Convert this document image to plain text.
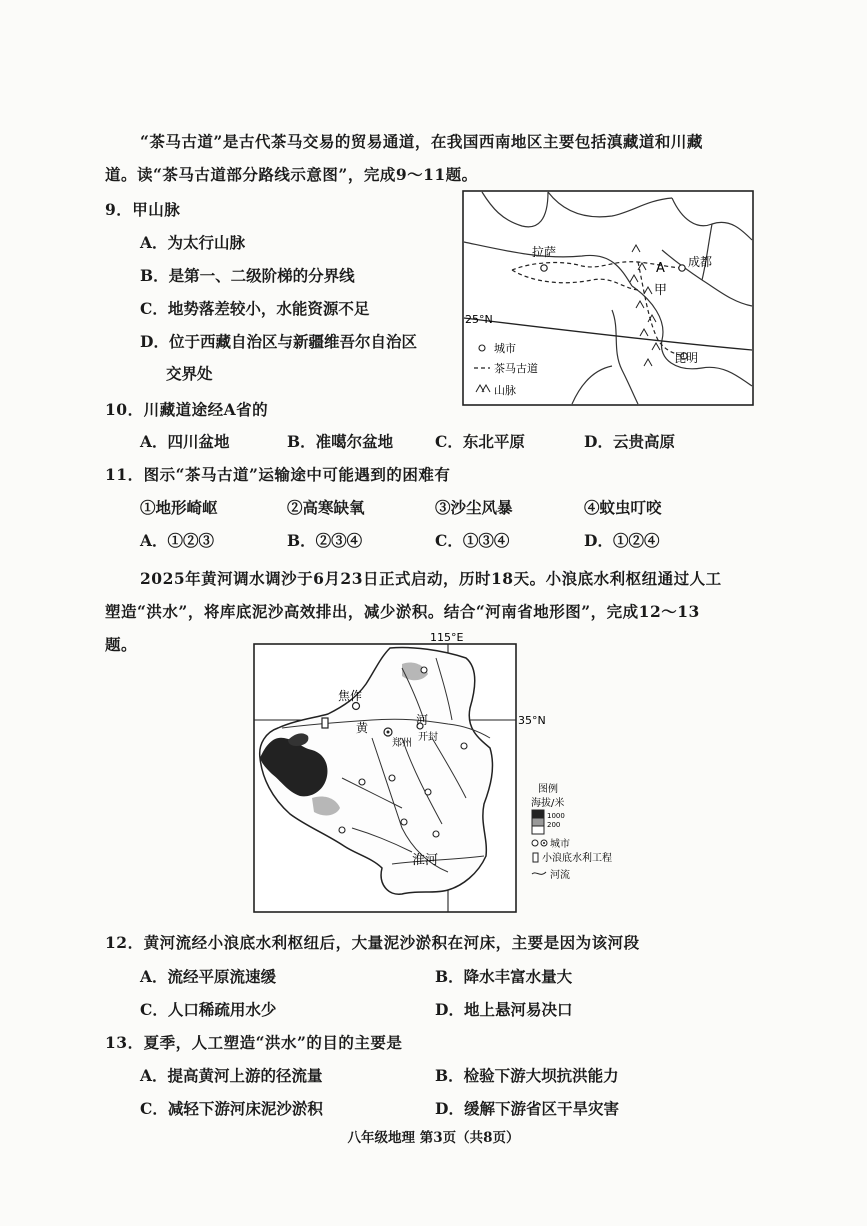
“茶马古道”是古代茶马交易的贸易通道，在我国西南地区主要包括滇藏道和川藏
道。读“茶马古道部分路线示意图”，完成9～11题。
9．甲山脉
A．为太行山脉
B．是第一、二级阶梯的分界线
C．地势落差较小，水能资源不足
D．位于西藏自治区与新疆维吾尔自治区
交界处
25°N
拉萨
成都
昆明
A
甲
城市
茶马古道
山脉
10．川藏道途经A省的
A．四川盆地	B．准噶尔盆地	C．东北平原	D．云贵高原
11．图示“茶马古道”运输途中可能遇到的困难有
①地形崎岖	②高寒缺氧	③沙尘风暴	④蚊虫叮咬
A．①②③	B．②③④	C．①③④	D．①②④
2025年黄河调水调沙于6月23日正式启动，历时18天。小浪底水利枢纽通过人工
塑造“洪水”，将库底泥沙高效排出，减少淤积。结合“河南省地形图”，完成12～13
题。	115°E
35°N
焦作
郑州
开封
黄
河
淮河
图例
海拔/米
1000
200
城市
小浪底水利工程
河流
12．黄河流经小浪底水利枢纽后，大量泥沙淤积在河床，主要是因为该河段
A．流经平原流速缓	B．降水丰富水量大
C．人口稀疏用水少	D．地上悬河易决口
13．夏季，人工塑造“洪水”的目的主要是
A．提高黄河上游的径流量	B．检验下游大坝抗洪能力
C．减轻下游河床泥沙淤积	D．缓解下游省区干旱灾害
八年级地理 第3页（共8页）
